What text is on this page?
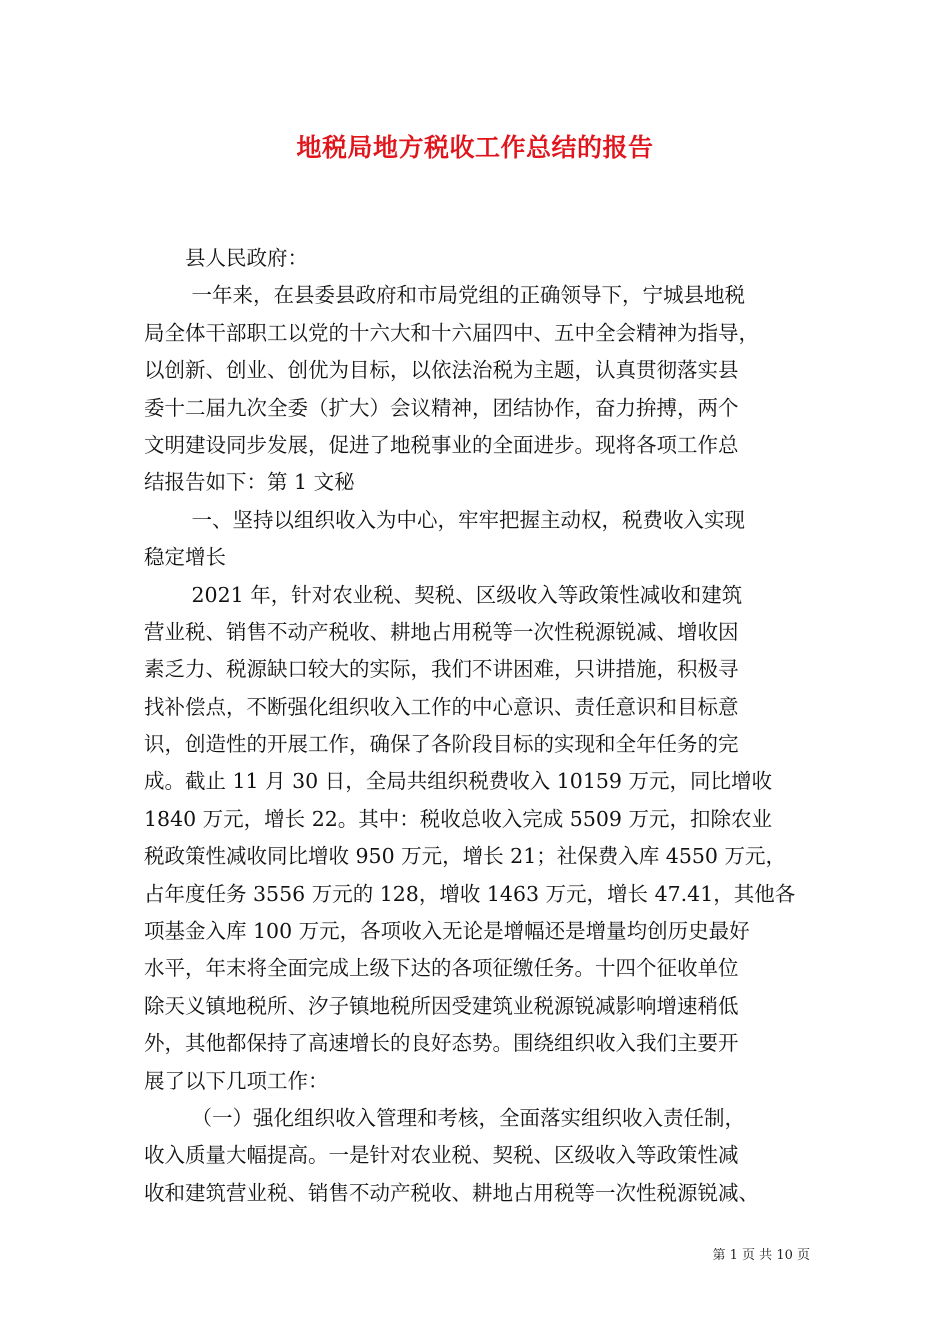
地税局地方税收工作总结的报告
　　县人民政府：
　　 一年来，在县委县政府和市局党组的正确领导下，宁城县地税
局全体干部职工以党的十六大和十六届四中、五中全会精神为指导，
以创新、创业、创优为目标，以依法治税为主题，认真贯彻落实县
委十二届九次全委（扩大）会议精神，团结协作，奋力拚搏，两个
文明建设同步发展，促进了地税事业的全面进步。现将各项工作总
结报告如下：第 1 文秘
　　 一、坚持以组织收入为中心，牢牢把握主动权，税费收入实现
稳定增长
　　 2021 年，针对农业税、契税、区级收入等政策性减收和建筑
营业税、销售不动产税收、耕地占用税等一次性税源锐减、增收因
素乏力、税源缺口较大的实际，我们不讲困难，只讲措施，积极寻
找补偿点，不断强化组织收入工作的中心意识、责任意识和目标意
识，创造性的开展工作，确保了各阶段目标的实现和全年任务的完
成。截止 11 月 30 日，全局共组织税费收入 10159 万元，同比增收
1840 万元，增长 22。其中：税收总收入完成 5509 万元，扣除农业
税政策性减收同比增收 950 万元，增长 21；社保费入库 4550 万元，
占年度任务 3556 万元的 128，增收 1463 万元，增长 47.41，其他各
项基金入库 100 万元，各项收入无论是增幅还是增量均创历史最好
水平，年末将全面完成上级下达的各项征缴任务。十四个征收单位
除天义镇地税所、汐子镇地税所因受建筑业税源锐减影响增速稍低
外，其他都保持了高速增长的良好态势。围绕组织收入我们主要开
展了以下几项工作：
　　 （一）强化组织收入管理和考核，全面落实组织收入责任制，
收入质量大幅提高。一是针对农业税、契税、区级收入等政策性减
收和建筑营业税、销售不动产税收、耕地占用税等一次性税源锐减、
第 1 页 共 10 页
